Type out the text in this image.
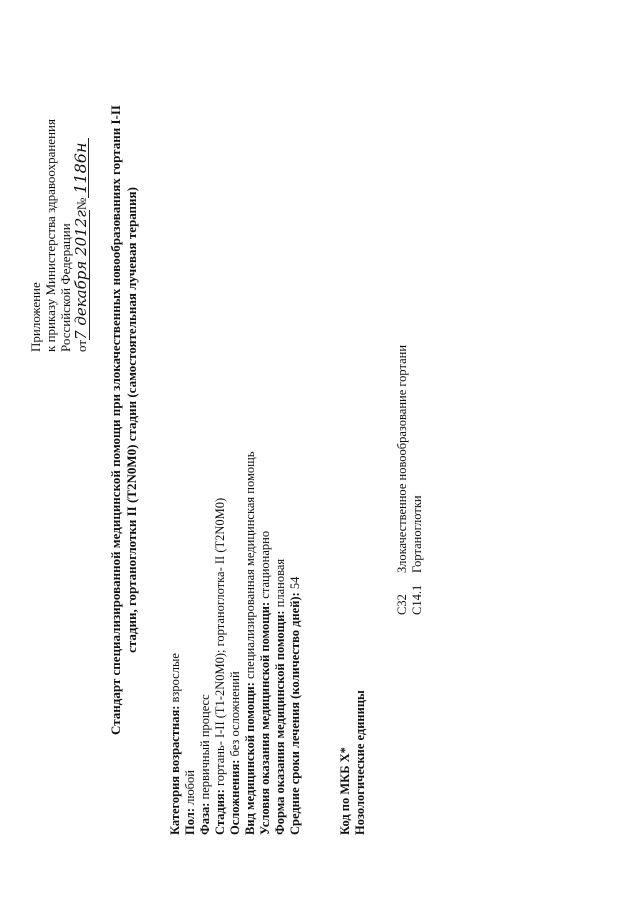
Приложение к приказу Министерства здравоохранения Российской Федерации от7 декабря 2012г№1186н Стандарт специализированной медицинской помощи при злокачественных новообразованиях гортани I-II стадии, гортаноглотки II (T2N0M0) стадии (самостоятельная лучевая терапия)
Категория возрастная: взрослые
Пол: любой
Фаза: первичный процесс
Стадия: гортань- I-II (T1-2N0M0); гортаноглотка- II (T2N0M0)
Осложнения: без осложнений Вид медицинской помощи: специализированная медицинская помощь
Условия оказания медицинской помощи: стационарно
Форма оказания медицинской помощи: плановая
Средние сроки лечения (количество дней): 54
Код по МКБ X* Нозологические единицы
C32
Злокачественное новообразование гортани
C14.1
Гортаноглотки
